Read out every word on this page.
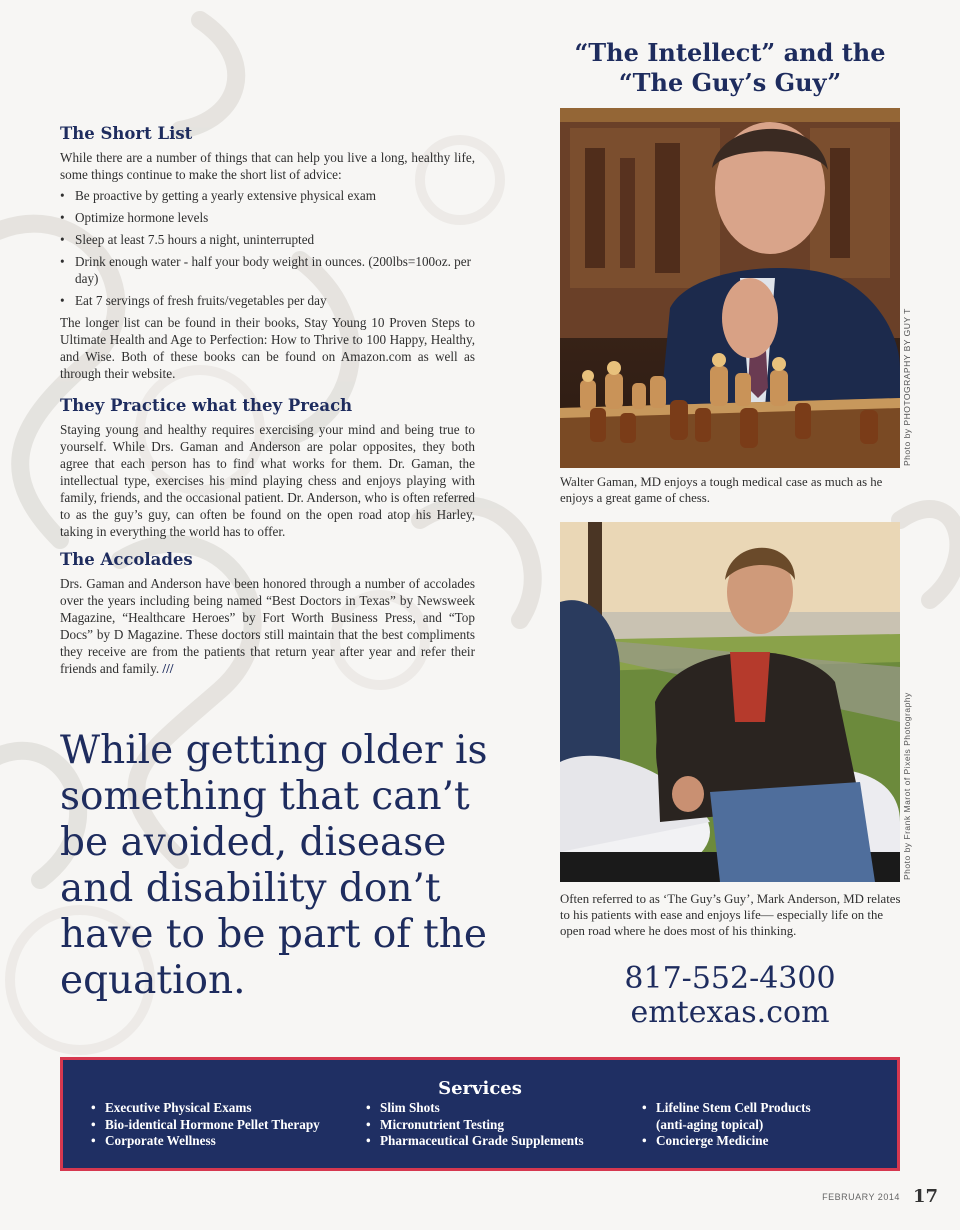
“The Intellect” and the “The Guy’s Guy”
The Short List

While there are a number of things that can help you live a long, healthy life, some things continue to make the short list of advice:

• Be proactive by getting a yearly extensive physical exam
• Optimize hormone levels
• Sleep at least 7.5 hours a night, uninterrupted
• Drink enough water - half your body weight in ounces. (200lbs=100oz. per day)
• Eat 7 servings of fresh fruits/vegetables per day

The longer list can be found in their books, Stay Young 10 Proven Steps to Ultimate Health and Age to Perfection: How to Thrive to 100 Happy, Healthy, and Wise. Both of these books can be found on Amazon.com as well as through their website.

They Practice what they Preach

Staying young and healthy requires exercising your mind and being true to yourself. While Drs. Gaman and Anderson are polar opposites, they both agree that each person has to find what works for them. Dr. Gaman, the intellectual type, exercises his mind playing chess and enjoys playing with family, friends, and the occasional patient. Dr. Anderson, who is often referred to as the guy’s guy, can often be found on the open road atop his Harley, taking in everything the world has to offer.

The Accolades

Drs. Gaman and Anderson have been honored through a number of accolades over the years including being named “Best Doctors in Texas” by Newsweek Magazine, “Healthcare Heroes” by Fort Worth Business Press, and “Top Docs” by D Magazine. These doctors still maintain that the best compliments they receive are from the patients that return year after year and refer their friends and family. ///

While getting older is something that can’t be avoided, disease and disability don’t have to be part of the equation.
Photo by PHOTOGRAPHY BY GUY T
Walter Gaman, MD enjoys a tough medical case as much as he enjoys a great game of chess.
Photo by Frank Marot of Pixels Photography
Often referred to as ‘The Guy’s Guy’, Mark Anderson, MD relates to his patients with ease and enjoys life— especially life on the open road where he does most of his thinking.
817-552-4300
emtexas.com
Services
• Executive Physical Exams
• Bio-identical Hormone Pellet Therapy
• Corporate Wellness
• Slim Shots
• Micronutrient Testing
• Pharmaceutical Grade Supplements
• Lifeline Stem Cell Products
(anti-aging topical)
• Concierge Medicine
FEBRUARY 2014 17
